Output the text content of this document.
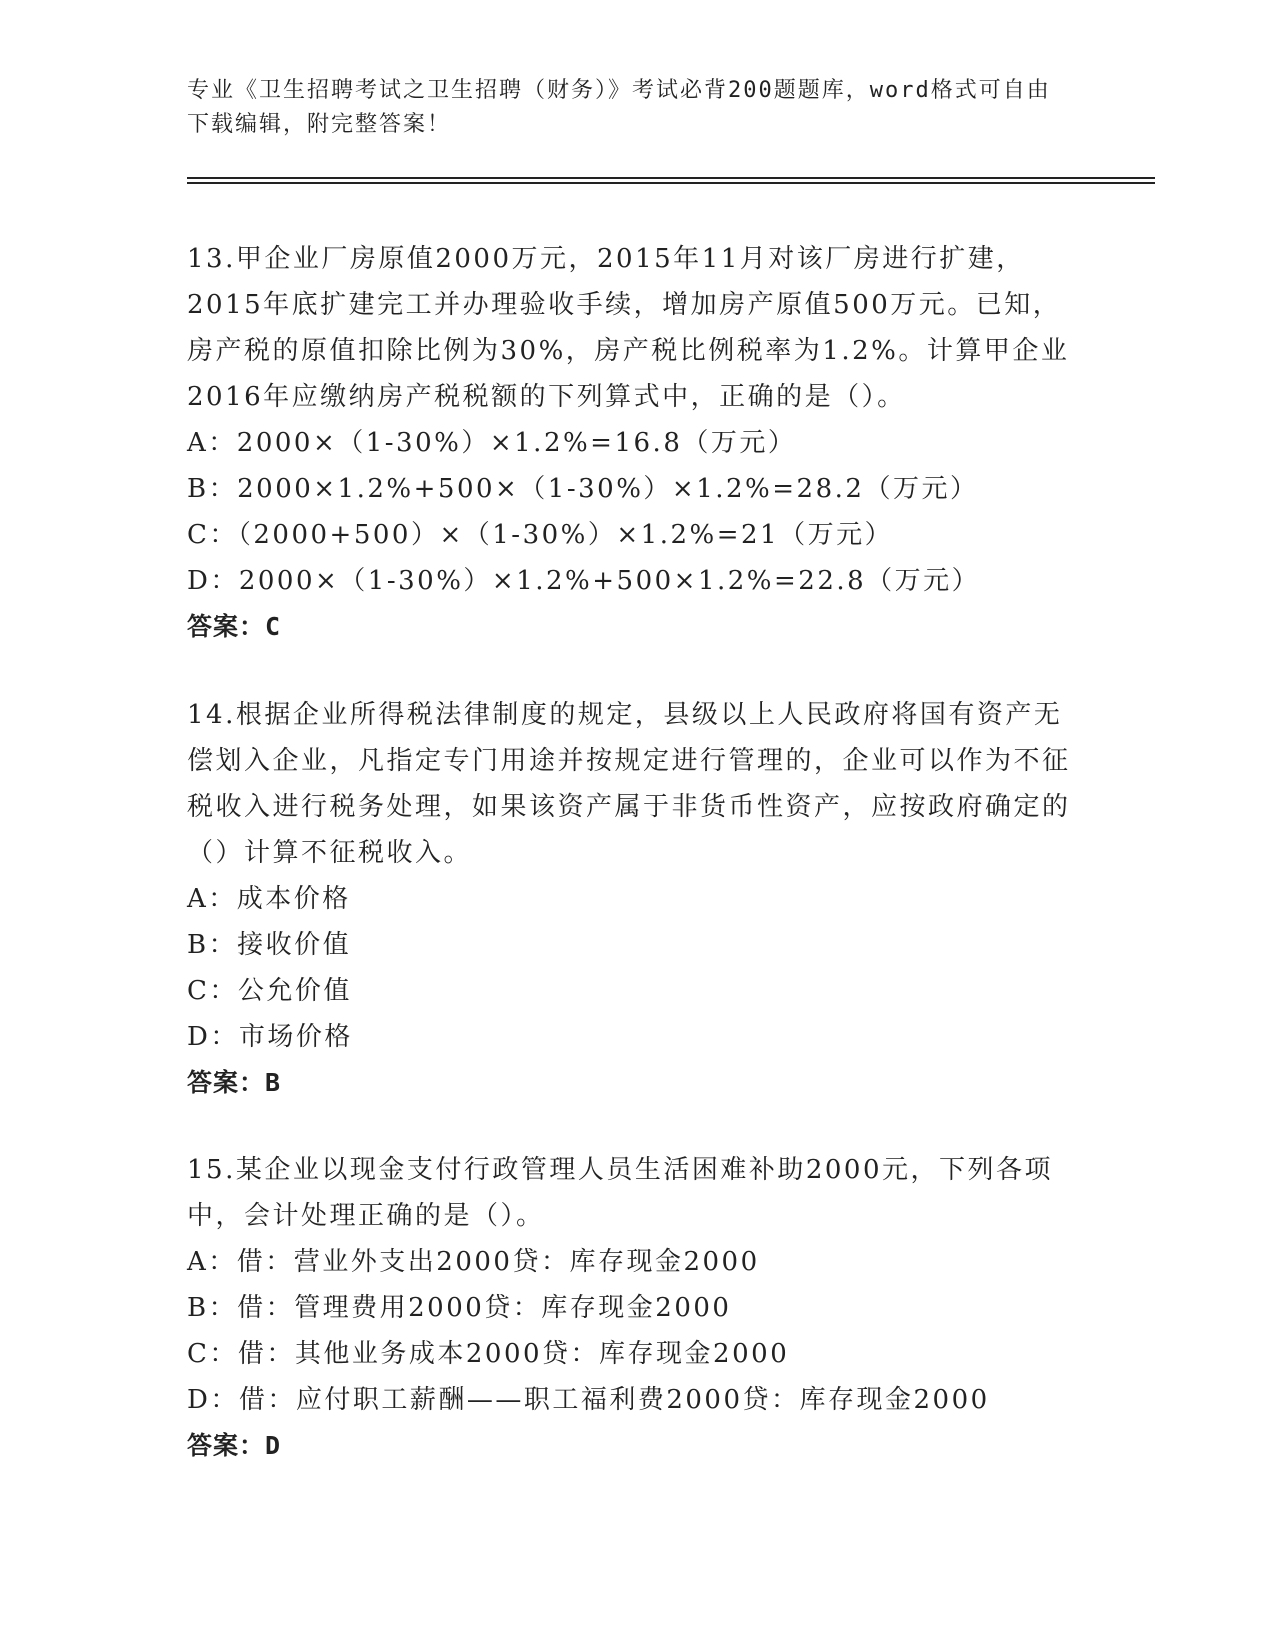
专业《卫生招聘考试之卫生招聘（财务）》考试必背200题题库，word格式可自由下载编辑，附完整答案！
13.甲企业厂房原值2000万元，2015年11月对该厂房进行扩建，2015年底扩建完工并办理验收手续，增加房产原值500万元。已知，房产税的原值扣除比例为30%，房产税比例税率为1.2%。计算甲企业2016年应缴纳房产税税额的下列算式中，正确的是（）。
A：2000×（1-30%）×1.2%=16.8（万元）
B：2000×1.2%+500×（1-30%）×1.2%=28.2（万元）
C：（2000+500）×（1-30%）×1.2%=21（万元）
D：2000×（1-30%）×1.2%+500×1.2%=22.8（万元）
答案：C
14.根据企业所得税法律制度的规定，县级以上人民政府将国有资产无偿划入企业，凡指定专门用途并按规定进行管理的，企业可以作为不征税收入进行税务处理，如果该资产属于非货币性资产，应按政府确定的（）计算不征税收入。
A：成本价格
B：接收价值
C：公允价值
D：市场价格
答案：B
15.某企业以现金支付行政管理人员生活困难补助2000元，下列各项中，会计处理正确的是（）。
A：借：营业外支出2000贷：库存现金2000
B：借：管理费用2000贷：库存现金2000
C：借：其他业务成本2000贷：库存现金2000
D：借：应付职工薪酬——职工福利费2000贷：库存现金2000
答案：D
